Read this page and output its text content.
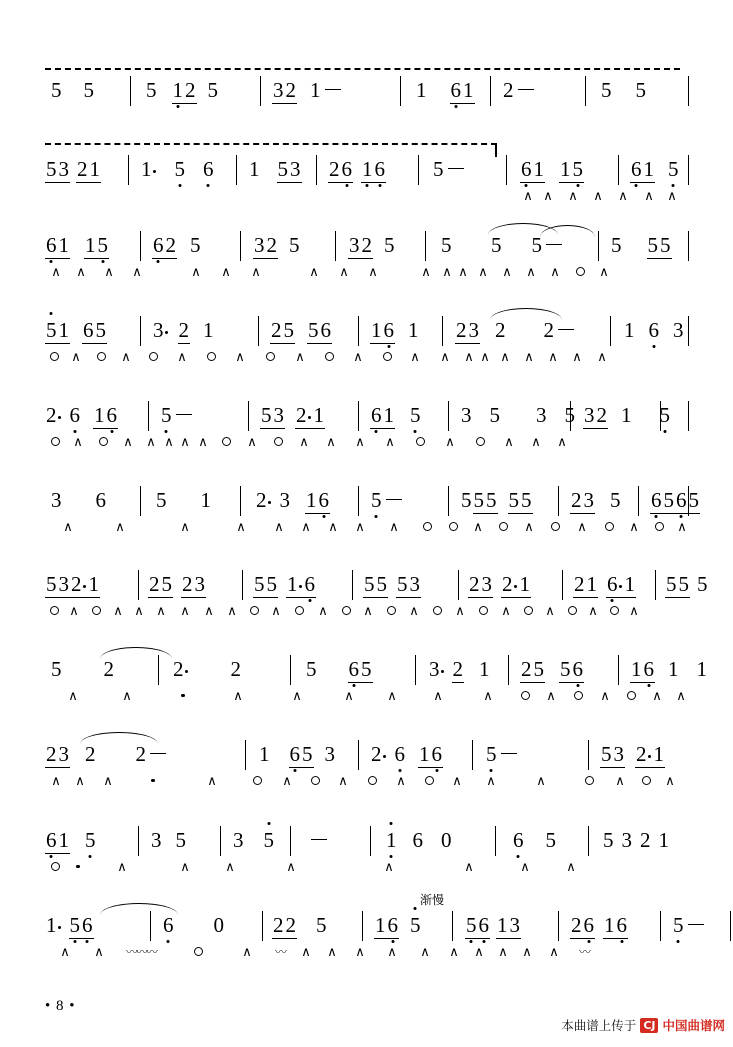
5 5 5 12 5	32 1	1 61 2	5 5
53 21 1 5 6 1 53 26 16 5	61 15 61 5
∧∧∧∧∧∧∧
61 15 62 5	32 5 32 5 5 5 5	5 55
∧∧∧∧∧∧∧∧∧∧∧∧∧∧∧∧∧∧
51 65 3 2 1	25 56 16 1 23 2 2	1 6 3
∧∧∧∧∧∧∧∧∧∧∧∧∧∧∧
2 6 16 5	53 2 1 61 5 3 5 3 5 32 1 5
∧∧∧∧∧∧∧∧∧∧∧∧∧∧∧
3 6 5 1 2 3 16 5	555 55 23 5 6565
∧∧∧∧∧∧∧∧∧∧∧∧∧∧
532 1 25 23 55 1 6 55 53 23 2 1 21 6 1 55 5
∧∧∧∧∧∧∧∧∧∧∧∧∧∧∧∧
5 2	2 2	5 65	3 2 1 25 56 16 1 1
∧∧∧∧∧∧∧∧∧∧∧∧
23 2 2	1 65 3 2 6 16 5	53 2 1
∧∧∧∧∧∧∧∧∧∧∧∧
61 5	3 5 3 5	1 6 0	6 5 5 3 2 1
∧∧∧∧∧∧∧∧
渐慢
1 56	6 0 22 5 16 5 56 13 26 16 5
∧∧〰〰〰 ∧	〰 ∧ ∧ ∧ ∧ ∧ ∧ ∧ ∧ ∧ ∧	〰
• 8 •
本曲谱上传于 CJ 中国曲谱网
